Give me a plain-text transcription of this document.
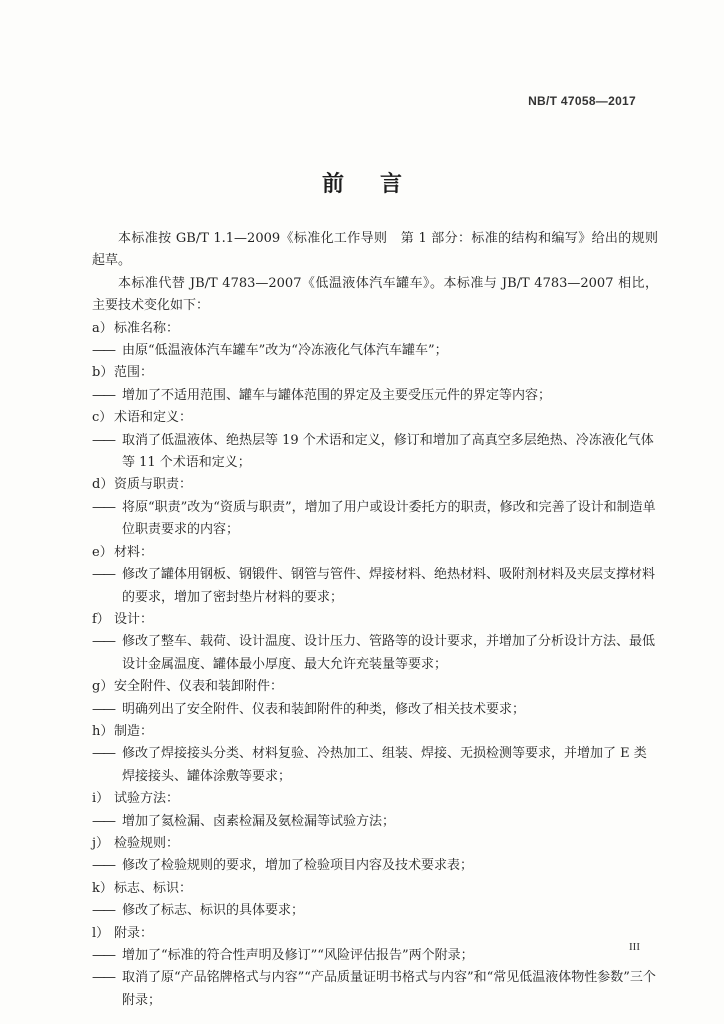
NB/T 47058—2017
前言

本标准按 GB/T 1.1—2009《标准化工作导则　第 1 部分：标准的结构和编写》给出的规则起草。

本标准代替 JB/T 4783—2007《低温液体汽车罐车》。本标准与 JB/T 4783—2007 相比，主要技术变化如下：

a）标准名称：

—— 由原“低温液体汽车罐车”改为“冷冻液化气体汽车罐车”；

b）范围：

—— 增加了不适用范围、罐车与罐体范围的界定及主要受压元件的界定等内容；

c） 术语和定义：

—— 取消了低温液体、绝热层等 19 个术语和定义，修订和增加了高真空多层绝热、冷冻液化气体等 11 个术语和定义；

d）资质与职责：

—— 将原“职责”改为“资质与职责”，增加了用户或设计委托方的职责，修改和完善了设计和制造单位职责要求的内容；

e）材料：

—— 修改了罐体用钢板、钢锻件、钢管与管件、焊接材料、绝热材料、吸附剂材料及夹层支撑材料的要求，增加了密封垫片材料的要求；

f） 设计：

—— 修改了整车、载荷、设计温度、设计压力、管路等的设计要求，并增加了分析设计方法、最低设计金属温度、罐体最小厚度、最大允许充装量等要求；

g）安全附件、仪表和装卸附件：

—— 明确列出了安全附件、仪表和装卸附件的种类，修改了相关技术要求；

h）制造：

—— 修改了焊接接头分类、材料复验、冷热加工、组装、焊接、无损检测等要求，并增加了 E 类焊接接头、罐体涂敷等要求；

i） 试验方法：

—— 增加了氦检漏、卤素检漏及氨检漏等试验方法；

j） 检验规则：

—— 修改了检验规则的要求，增加了检验项目内容及技术要求表；

k）标志、标识：

—— 修改了标志、标识的具体要求；

l） 附录：

—— 增加了“标准的符合性声明及修订”“风险评估报告”两个附录；

—— 取消了原“产品铭牌格式与内容”“产品质量证明书格式与内容”和“常见低温液体物性参数”三个附录；

III
